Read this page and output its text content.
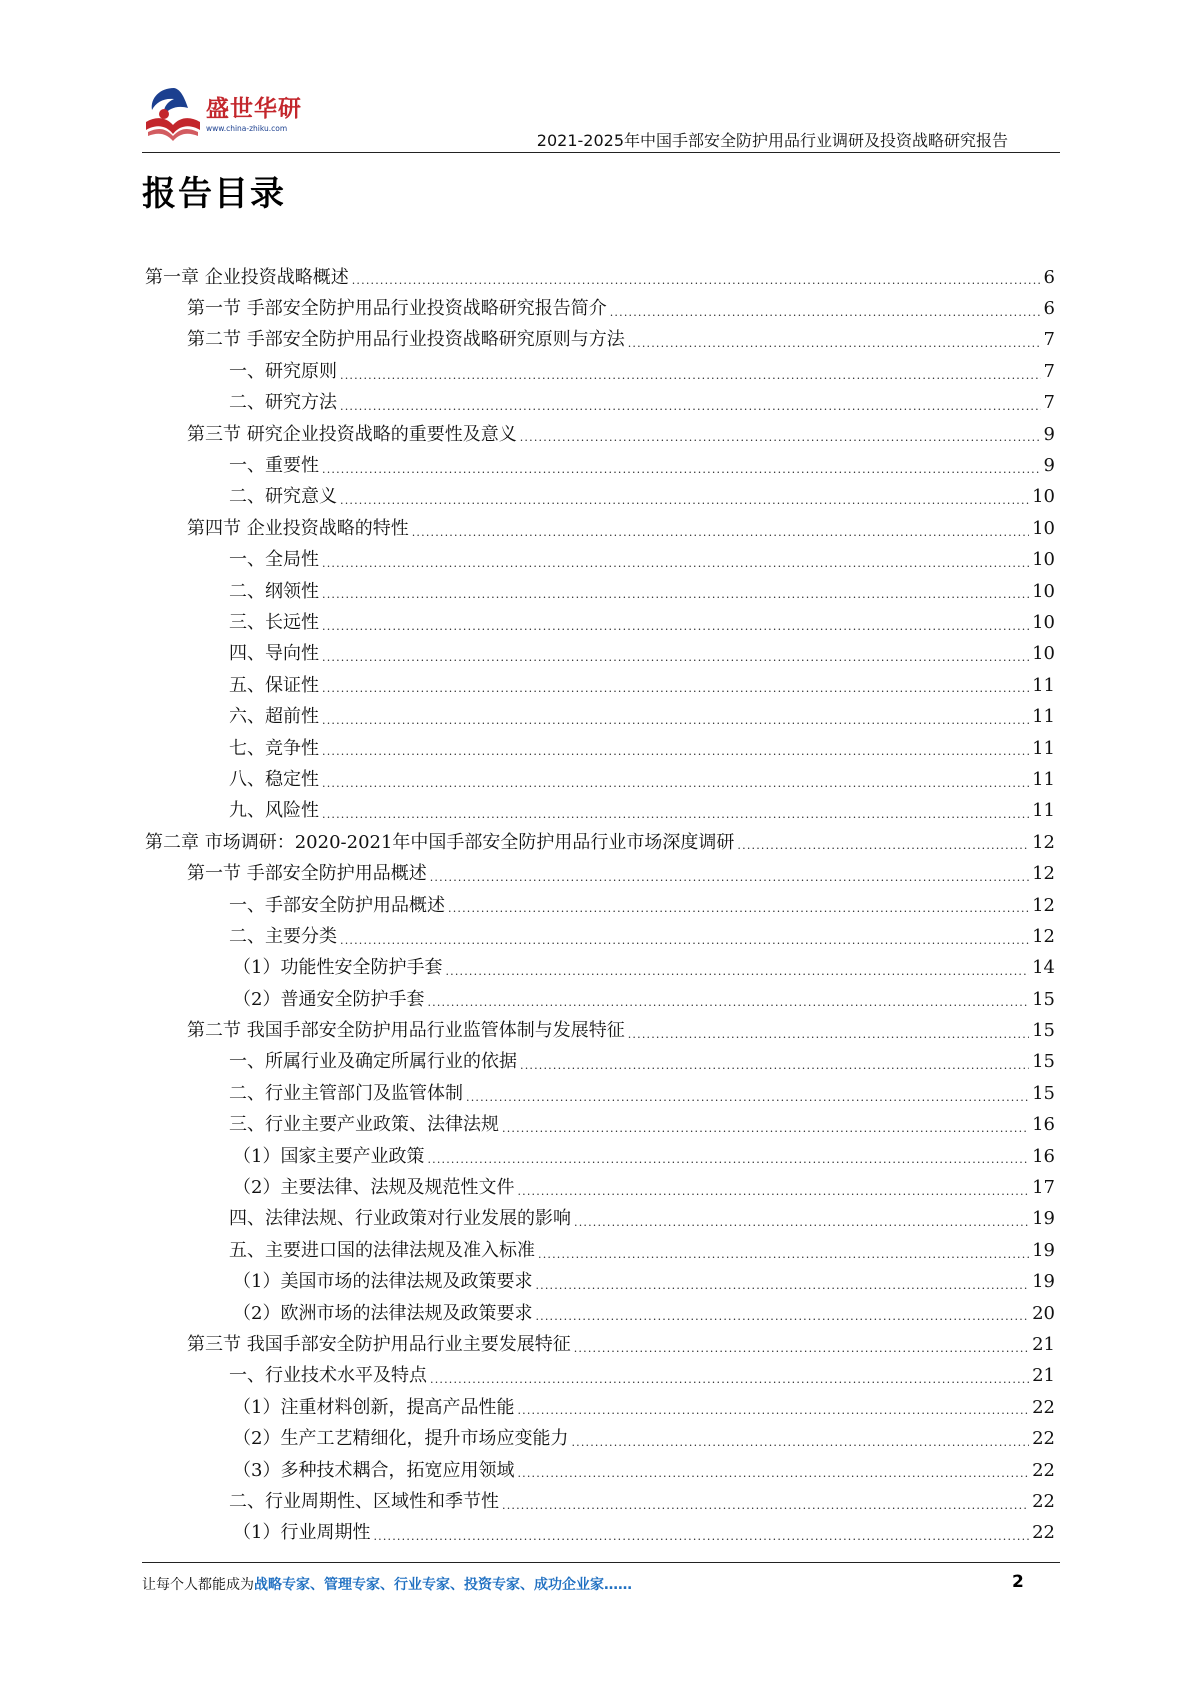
盛世华研
www.china-zhiku.com
2021-2025年中国手部安全防护用品行业调研及投资战略研究报告
报告目录
第一章 企业投资战略概述 .....	6
第一节 手部安全防护用品行业投资战略研究报告简介 .....	6
第二节 手部安全防护用品行业投资战略研究原则与方法 .....	7
一、研究原则 .....	7
二、研究方法 .....	7
第三节 研究企业投资战略的重要性及意义 .....	9
一、重要性 .....	9
二、研究意义 .....	10
第四节 企业投资战略的特性 .....	10
一、全局性 .....	10
二、纲领性 .....	10
三、长远性 .....	10
四、导向性 .....	10
五、保证性 .....	11
六、超前性 .....	11
七、竞争性 .....	11
八、稳定性 .....	11
九、风险性 .....	11
第二章 市场调研：2020-2021年中国手部安全防护用品行业市场深度调研 .....	12
第一节 手部安全防护用品概述 .....	12
一、手部安全防护用品概述 .....	12
二、主要分类 .....	12
（1）功能性安全防护手套 .....	14
（2）普通安全防护手套 .....	15
第二节 我国手部安全防护用品行业监管体制与发展特征 .....	15
一、所属行业及确定所属行业的依据 .....	15
二、行业主管部门及监管体制 .....	15
三、行业主要产业政策、法律法规 .....	16
（1）国家主要产业政策 .....	16
（2）主要法律、法规及规范性文件 .....	17
四、法律法规、行业政策对行业发展的影响 .....	19
五、主要进口国的法律法规及准入标准 .....	19
（1）美国市场的法律法规及政策要求 .....	19
（2）欧洲市场的法律法规及政策要求 .....	20
第三节 我国手部安全防护用品行业主要发展特征 .....	21
一、行业技术水平及特点 .....	21
（1）注重材料创新，提高产品性能 .....	22
（2）生产工艺精细化，提升市场应变能力 .....	22
（3）多种技术耦合，拓宽应用领域 .....	22
二、行业周期性、区域性和季节性 .....	22
（1）行业周期性 .....	22
让每个人都能成为战略专家、管理专家、行业专家、投资专家、成功企业家……	2
